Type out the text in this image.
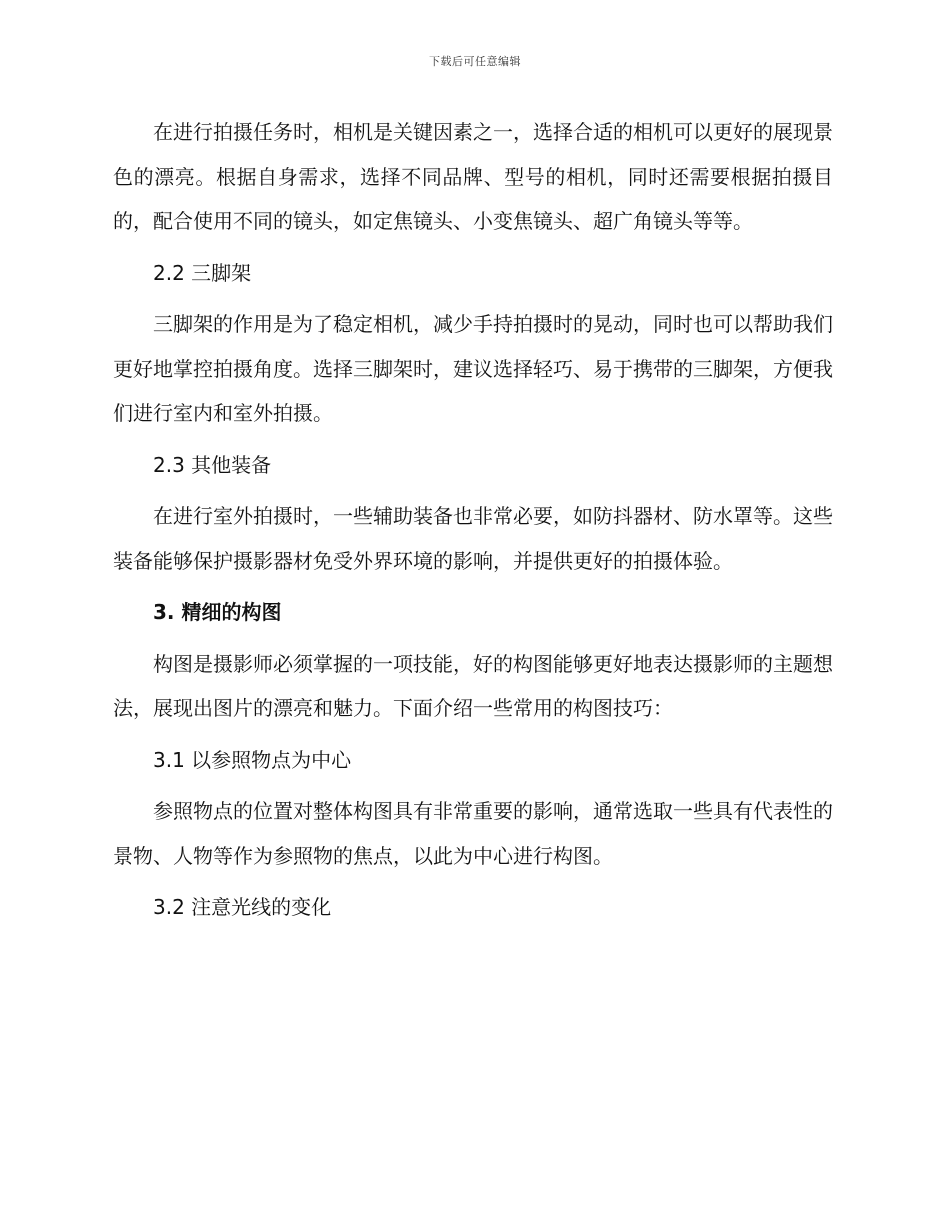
下载后可任意编辑

在进行拍摄任务时，相机是关键因素之一，选择合适的相机可以更好的展现景色的漂亮。根据自身需求，选择不同品牌、型号的相机，同时还需要根据拍摄目的，配合使用不同的镜头，如定焦镜头、小变焦镜头、超广角镜头等等。

2.2 三脚架

三脚架的作用是为了稳定相机，减少手持拍摄时的晃动，同时也可以帮助我们更好地掌控拍摄角度。选择三脚架时，建议选择轻巧、易于携带的三脚架，方便我们进行室内和室外拍摄。

2.3 其他装备

在进行室外拍摄时，一些辅助装备也非常必要，如防抖器材、防水罩等。这些装备能够保护摄影器材免受外界环境的影响，并提供更好的拍摄体验。

3. 精细的构图

构图是摄影师必须掌握的一项技能，好的构图能够更好地表达摄影师的主题想法，展现出图片的漂亮和魅力。下面介绍一些常用的构图技巧：

3.1 以参照物点为中心

参照物点的位置对整体构图具有非常重要的影响，通常选取一些具有代表性的景物、人物等作为参照物的焦点，以此为中心进行构图。

3.2 注意光线的变化
